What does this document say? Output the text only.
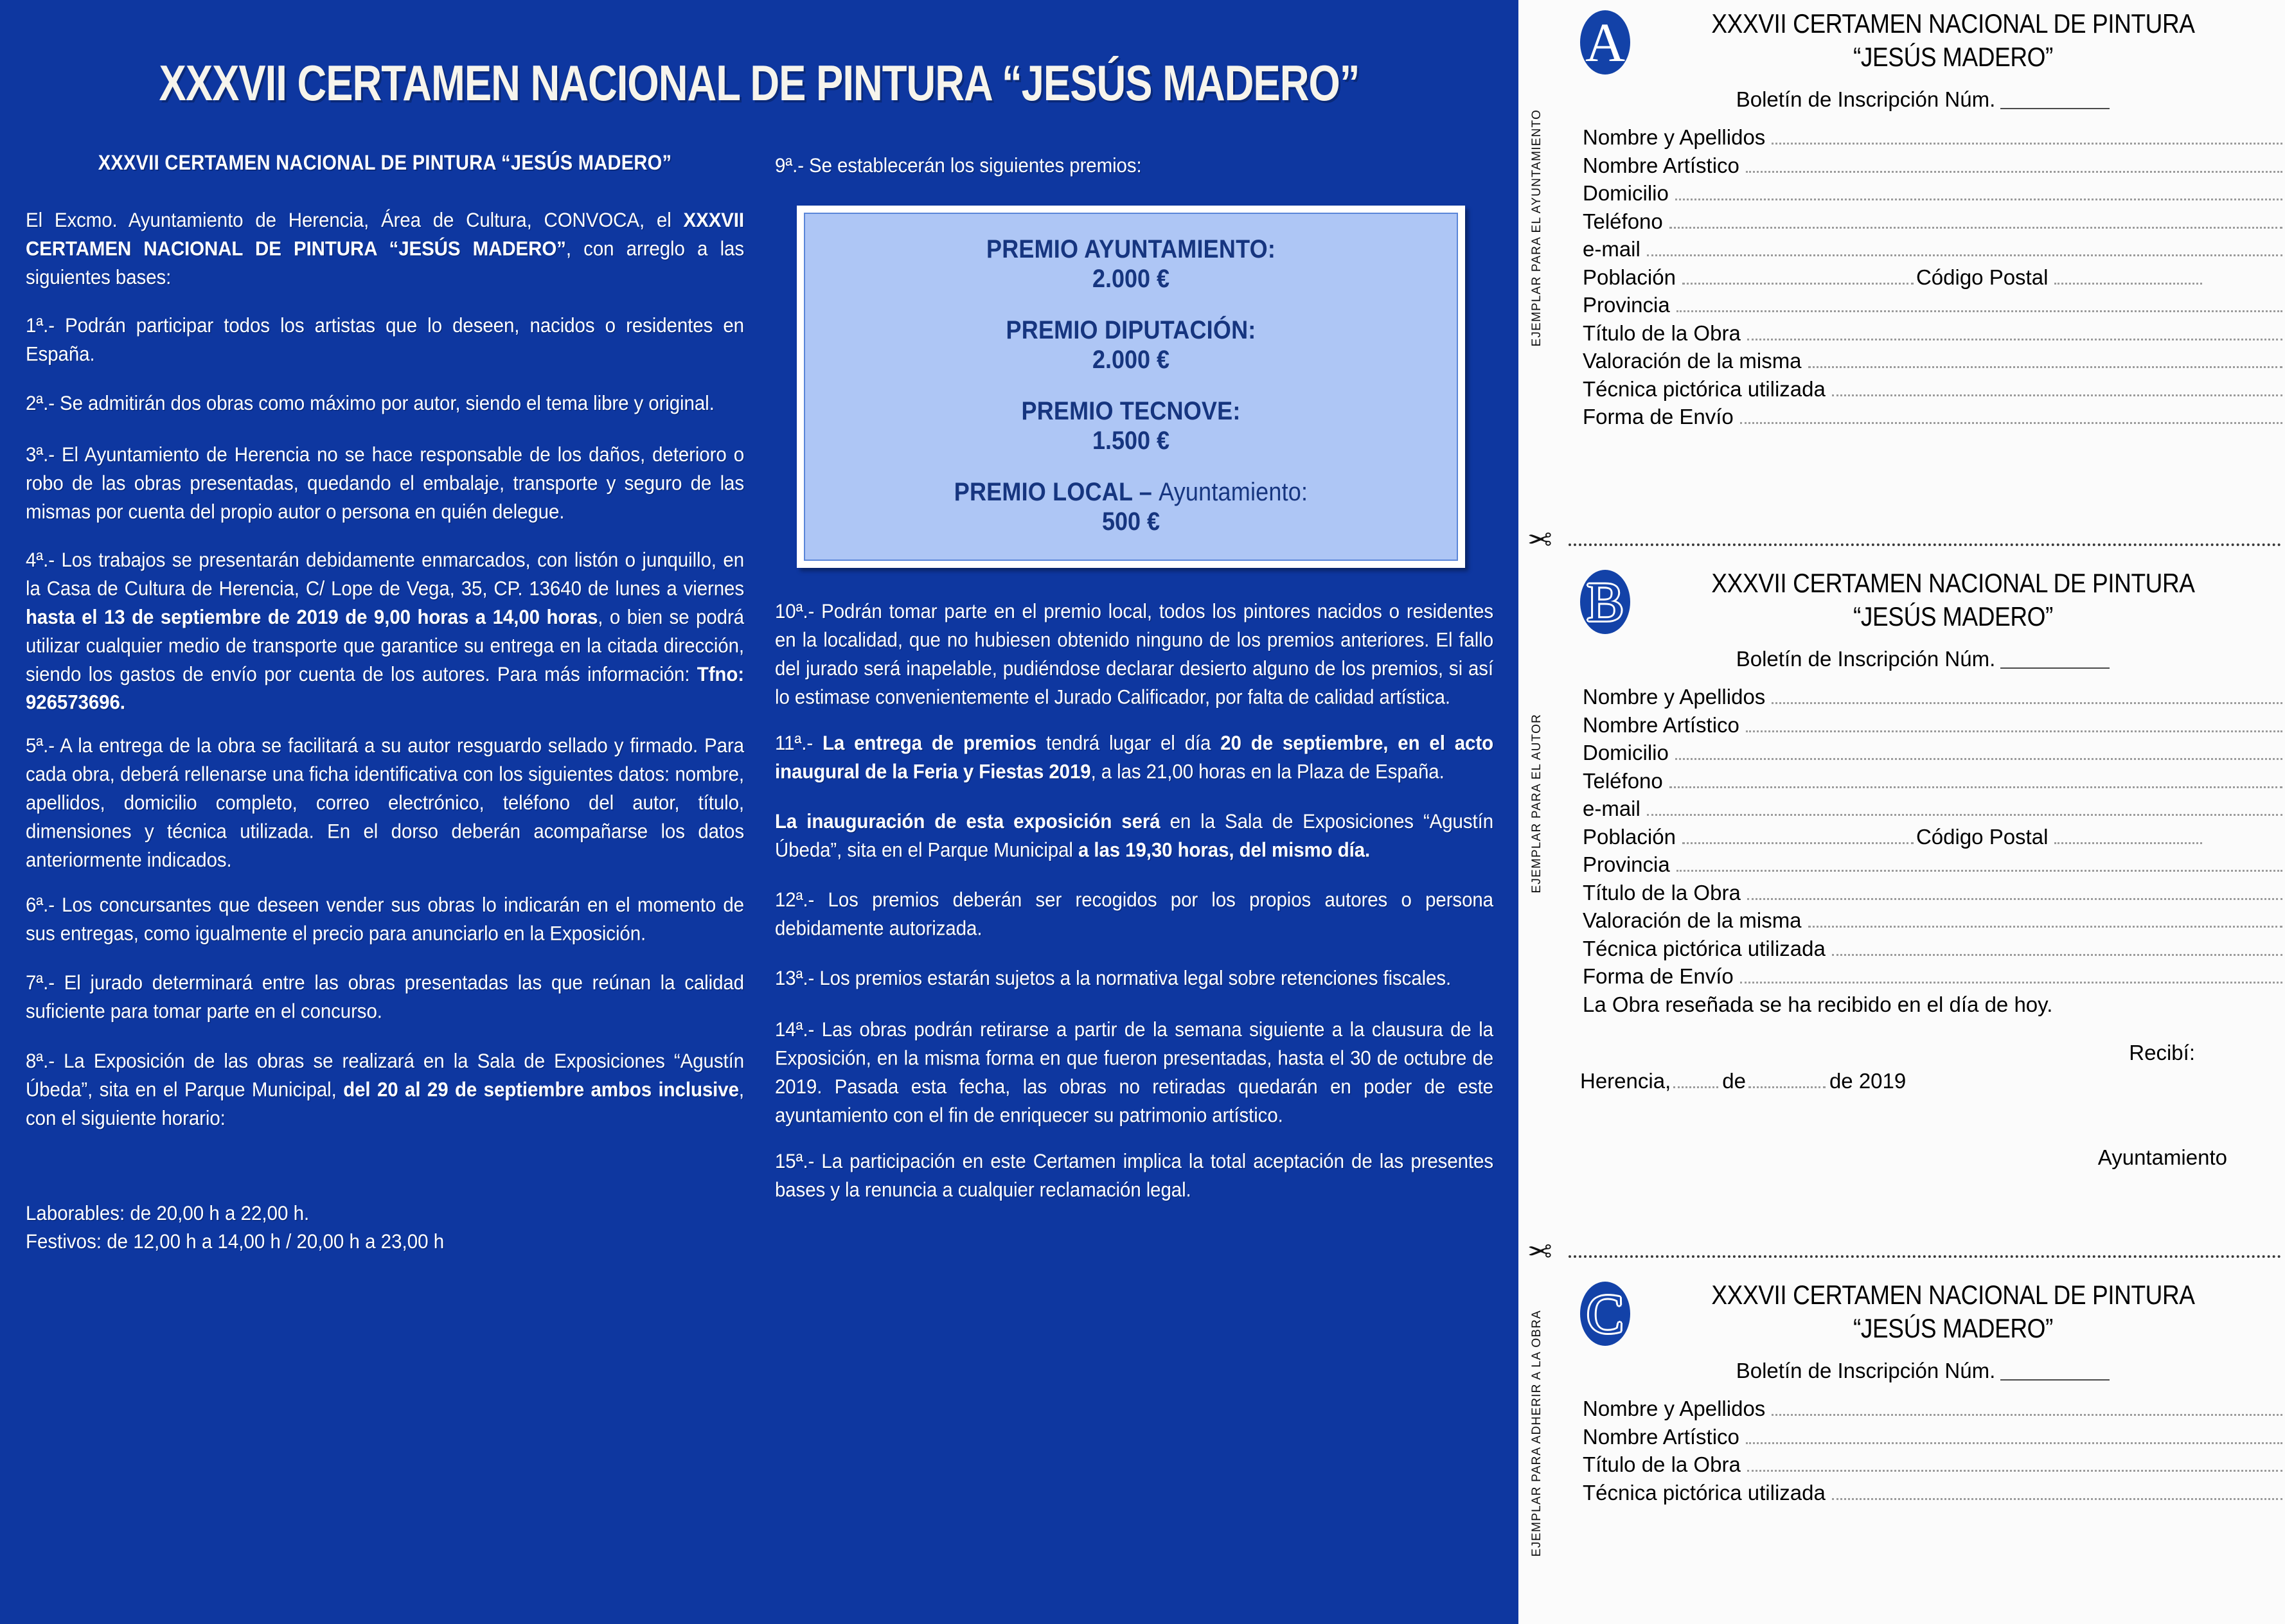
XXXVII CERTAMEN NACIONAL DE PINTURA “JESÚS MADERO”
XXXVII CERTAMEN NACIONAL DE PINTURA “JESÚS MADERO”

El Excmo. Ayuntamiento de Herencia, Área de Cultura, CONVOCA, el XXXVII CERTAMEN NACIONAL DE PINTURA “JESÚS MADERO”, con arreglo a las siguientes bases:

1ª.- Podrán participar todos los artistas que lo deseen, nacidos o residentes en España.

2ª.- Se admitirán dos obras como máximo por autor, siendo el tema libre y original.

3ª.- El Ayuntamiento de Herencia no se hace responsable de los daños, deterioro o robo de las obras presentadas, quedando el embalaje, transporte y seguro de las mismas por cuenta del propio autor o persona en quién delegue.

4ª.- Los trabajos se presentarán debidamente enmarcados, con listón o junquillo, en la Casa de Cultura de Herencia, C/ Lope de Vega, 35, CP. 13640 de lunes a viernes hasta el 13 de septiembre de 2019 de 9,00 horas a 14,00 horas, o bien se podrá utilizar cualquier medio de transporte que garantice su entrega en la citada dirección, siendo los gastos de envío por cuenta de los autores. Para más información: Tfno: 926573696.

5ª.- A la entrega de la obra se facilitará a su autor resguardo sellado y firmado. Para cada obra, deberá rellenarse una ficha identificativa con los siguientes datos: nombre, apellidos, domicilio completo, correo electrónico, teléfono del autor, título, dimensiones y técnica utilizada. En el dorso deberán acompañarse los datos anteriormente indicados.

6ª.- Los concursantes que deseen vender sus obras lo indicarán en el momento de sus entregas, como igualmente el precio para anunciarlo en la Exposición.

7ª.- El jurado determinará entre las obras presentadas las que reúnan la calidad suficiente para tomar parte en el concurso.

8ª.- La Exposición de las obras se realizará en la Sala de Exposiciones “Agustín Úbeda”, sita en el Parque Municipal, del 20 al 29 de septiembre ambos inclusive, con el siguiente horario:

Laborables: de 20,00 h a 22,00 h.
Festivos: de 12,00 h a 14,00 h / 20,00 h a 23,00 h

9ª.- Se establecerán los siguientes premios:

PREMIO AYUNTAMIENTO:
2.000 €
PREMIO DIPUTACIÓN:
2.000 €
PREMIO TECNOVE:
1.500 €
PREMIO LOCAL – Ayuntamiento:
500 €

10ª.- Podrán tomar parte en el premio local, todos los pintores nacidos o residentes en la localidad, que no hubiesen obtenido ninguno de los premios anteriores. El fallo del jurado será inapelable, pudiéndose declarar desierto alguno de los premios, si así lo estimase convenientemente el Jurado Calificador, por falta de calidad artística.

11ª.- La entrega de premios tendrá lugar el día 20 de septiembre, en el acto inaugural de la Feria y Fiestas 2019, a las 21,00 horas en la Plaza de España.

La inauguración de esta exposición será en la Sala de Exposiciones “Agustín Úbeda”, sita en el Parque Municipal a las 19,30 horas, del mismo día.

12ª.- Los premios deberán ser recogidos por los propios autores o persona debidamente autorizada.

13ª.- Los premios estarán sujetos a la normativa legal sobre retenciones fiscales.

14ª.- Las obras podrán retirarse a partir de la semana siguiente a la clausura de la Exposición, en la misma forma en que fueron presentadas, hasta el 30 de octubre de 2019. Pasada esta fecha, las obras no retiradas quedarán en poder de este ayuntamiento con el fin de enriquecer su patrimonio artístico.

15ª.- La participación en este Certamen implica la total aceptación de las presentes bases y la renuncia a cualquier reclamación legal.

EJEMPLAR PARA EL AYUNTAMIENTO
A	XXXVII CERTAMEN NACIONAL DE PINTURA
“JESÚS MADERO”
Boletín de Inscripción Núm.
Nombre y Apellidos
Nombre Artístico
Domicilio
Teléfono
e-mail
Población	Código Postal
Provincia
Título de la Obra
Valoración de la misma
Técnica pictórica utilizada
Forma de Envío
✂
EJEMPLAR PARA EL AUTOR
B	XXXVII CERTAMEN NACIONAL DE PINTURA
“JESÚS MADERO”
Boletín de Inscripción Núm.
Nombre y Apellidos
Nombre Artístico
Domicilio
Teléfono
e-mail
Población	Código Postal
Provincia
Título de la Obra
Valoración de la misma
Técnica pictórica utilizada
Forma de Envío
La Obra reseñada se ha recibido en el día de hoy.
Recibí:
Herencia, de	de 2019
Ayuntamiento
✂
EJEMPLAR PARA ADHERIR A LA OBRA C	XXXVII CERTAMEN NACIONAL DE PINTURA
“JESÚS MADERO”
Boletín de Inscripción Núm.
Nombre y Apellidos
Nombre Artístico
Título de la Obra
Técnica pictórica utilizada
